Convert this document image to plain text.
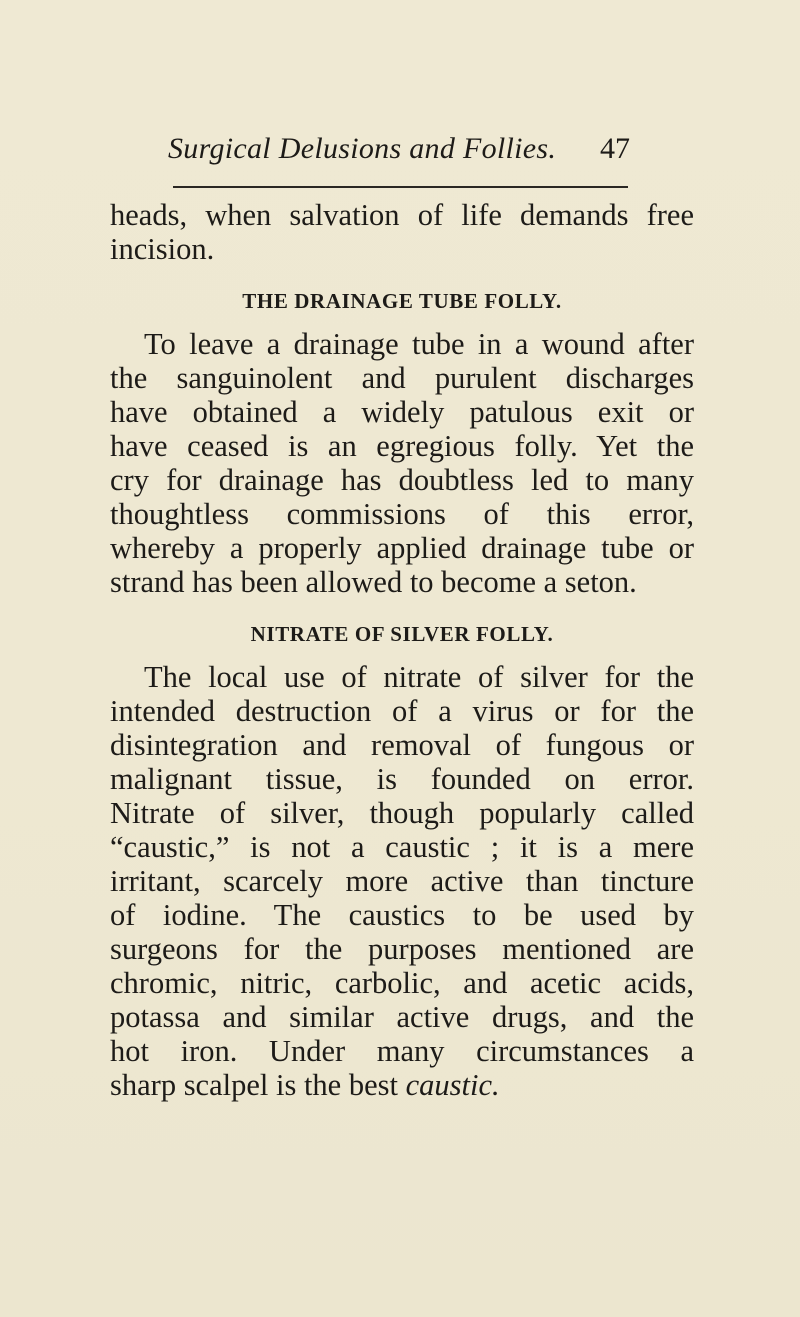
Surgical Delusions and Follies. 47
heads, when salvation of life demands free
incision.
THE DRAINAGE TUBE FOLLY.
To leave a drainage tube in a wound after
the sanguinolent and purulent discharges
have obtained a widely patulous exit or
have ceased is an egregious folly. Yet the
cry for drainage has doubtless led to many
thoughtless commissions of this error,
whereby a properly applied drainage tube or
strand has been allowed to become a seton.
NITRATE OF SILVER FOLLY.
The local use of nitrate of silver for the
intended destruction of a virus or for the
disintegration and removal of fungous or
malignant tissue, is founded on error.
Nitrate of silver, though popularly called
“caustic,” is not a caustic ; it is a mere
irritant, scarcely more active than tincture
of iodine. The caustics to be used by
surgeons for the purposes mentioned are
chromic, nitric, carbolic, and acetic acids,
potassa and similar active drugs, and the
hot iron. Under many circumstances a
sharp scalpel is the best caustic.
